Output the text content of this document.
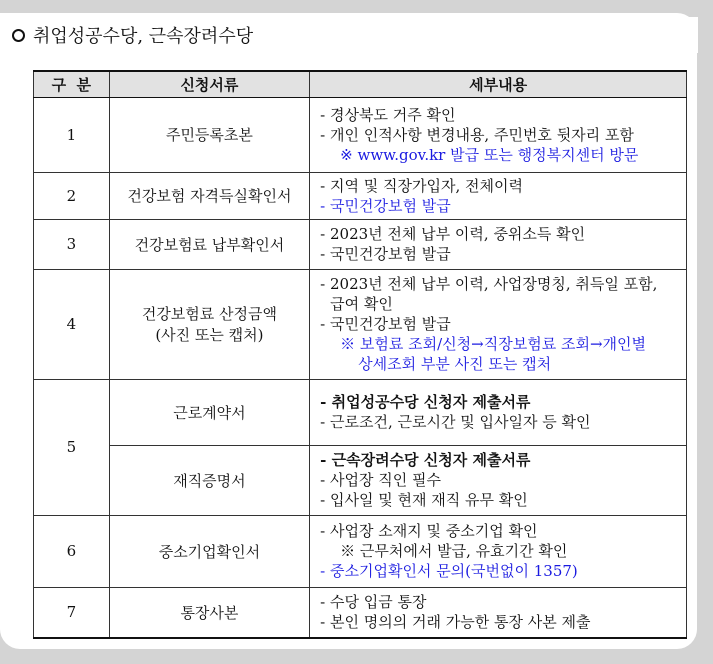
취업성공수당, 근속장려수당
구  분	신청서류	세부내용
1	주민등록초본	- 경상북도 거주 확인
- 개인 인적사항 변경내용, 주민번호 뒷자리 포함
※ www.gov.kr 발급 또는 행정복지센터 방문

2	건강보험 자격득실확인서	- 지역 및 직장가입자, 전체이력
- 국민건강보험 발급

3	건강보험료 납부확인서	- 2023년 전체 납부 이력, 중위소득 확인
- 국민건강보험 발급

4	건강보험료 산정금액
(사진 또는 캡처)	- 2023년 전체 납부 이력, 사업장명칭, 취득일 포함,
급여 확인
- 국민건강보험 발급
※ 보험료 조회/신청→직장보험료 조회→개인별
상세조회 부분 사진 또는 캡처

5	근로계약서	- 취업성공수당 신청자 제출서류
- 근로조건, 근로시간 및 입사일자 등 확인

	재직증명서	- 근속장려수당 신청자 제출서류
- 사업장 직인 필수
- 입사일 및 현재 재직 유무 확인

6	중소기업확인서	- 사업장 소재지 및 중소기업 확인
※ 근무처에서 발급, 유효기간 확인
- 중소기업확인서 문의(국번없이 1357)

7	통장사본	- 수당 입금 통장
- 본인 명의의 거래 가능한 통장 사본 제출
